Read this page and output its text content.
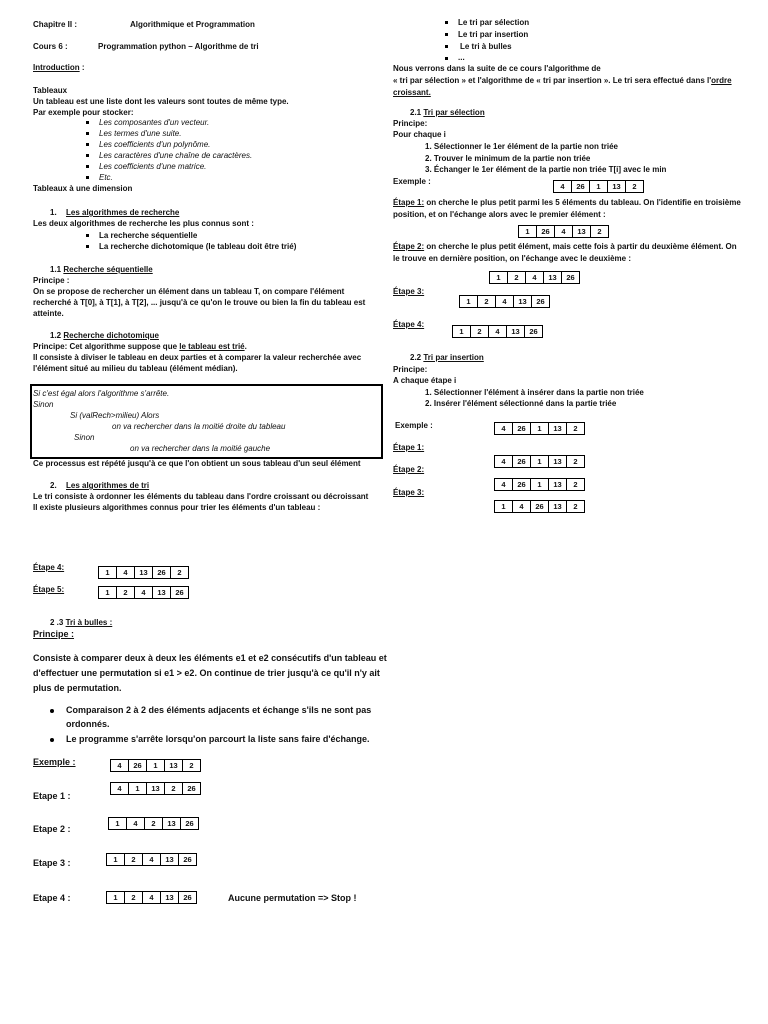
Chapitre II :	Algorithmique et Programmation
Cours 6 :	Programmation python – Algorithme de tri
Introduction :
Tableaux
Un tableau est une liste dont les valeurs sont toutes de même type.
Par exemple pour stocker:
Les composantes d'un vecteur.
Les termes d'une suite.
Les coefficients d'un polynôme.
Les caractères d'une chaîne de caractères.
Les coefficients d'une matrice.
Etc.
Tableaux à une dimension
1. Les algorithmes de recherche
Les deux algorithmes de recherche les plus connus sont :
La recherche séquentielle
La recherche dichotomique (le tableau doit être trié)
1.1 Recherche séquentielle
Principe :
On se propose de rechercher un élément dans un tableau T, on compare l'élément
recherché à T[0], à T[1], à T[2], ... jusqu'à ce qu'on le trouve ou bien la fin du tableau est
atteinte.
1.2 Recherche dichotomique
Principe: Cet algorithme suppose que le tableau est trié.
Il consiste à diviser le tableau en deux parties et à comparer la valeur recherchée avec
l'élément situé au milieu du tableau (élément médian).
Si c'est égal alors l'algorithme s'arrête.
Sinon
Si (valRech>milieu) Alors
on va rechercher dans la moitié droite du tableau
Sinon
on va rechercher dans la moitié gauche
Ce processus est répété jusqu'à ce que l'on obtient un sous tableau d'un seul élément
2. Les algorithmes de tri
Le tri consiste à ordonner les éléments du tableau dans l'ordre croissant ou décroissant
Il existe plusieurs algorithmes connus pour trier les éléments d'un tableau :
Étape 4:
1	4	13	26	2
Étape 5:	1	2	4	13	26
2 .3 Tri à bulles :
Principe :
Consiste à comparer deux à deux les éléments e1 et e2 consécutifs d'un tableau et
d'effectuer une permutation si e1 > e2. On continue de trier jusqu'à ce qu'il n'y ait
plus de permutation.
Comparaison 2 à 2 des éléments adjacents et échange s'ils ne sont pas
ordonnés.
Le programme s'arrête lorsqu'on parcourt la liste sans faire d'échange.
Exemple :	4	26	1	13	2
Etape 1 :
4	1	13	2	26
Etape 2 :
1	4	2	13	26
Etape 3 :	1	2	4	13	26
Etape 4 :	1	2	4	13	26	Aucune permutation => Stop !
Le tri par sélection
Le tri par insertion
Le tri à bulles
...
Nous verrons dans la suite de ce cours l'algorithme de
« tri par sélection » et l'algorithme de « tri par insertion ». Le tri sera effectué dans l'ordre
croissant.
2.1 Tri par sélection
Principe:
Pour chaque i
1. Sélectionner le 1er élément de la partie non triée
2. Trouver le minimum de la partie non triée
3. Échanger le 1er élément de la partie non triée T[i] avec le min
Exemple :
4	26	1	13	2
Étape 1: on cherche le plus petit parmi les 5 éléments du tableau. On l'identifie en troisième
position, et on l'échange alors avec le premier élément :
1	26	4	13	2
Étape 2: on cherche le plus petit élément, mais cette fois à partir du deuxième élément. On
le trouve en dernière position, on l'échange avec le deuxième :
1	2	4	13	26
Étape 3:
1	2	4	13	26
Étape 4:
1	2	4	13	26
2.2 Tri par insertion
Principe:
A chaque étape i
1. Sélectionner l'élément à insérer dans la partie non triée
2. Insérer l'élément sélectionné dans la partie triée
Exemple :	4	26	1	13	2
Étape 1:
4	26	1	13	2
Étape 2:
4	26	1	13	2
Étape 3:
1	4	26	13	2
